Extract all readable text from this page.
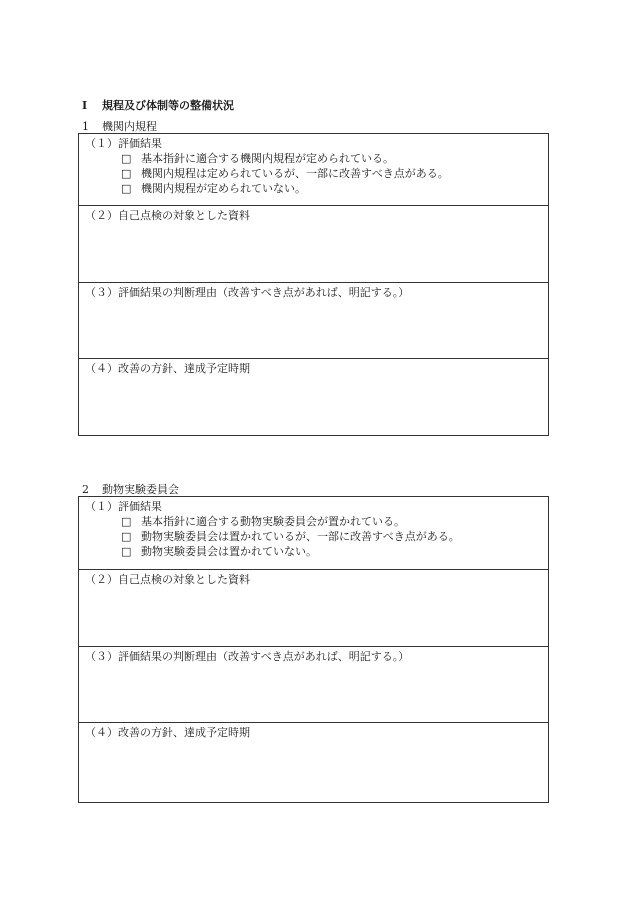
Ⅰ 規程及び体制等の整備状況
1 機関内規程
（１）評価結果
□ 基本指針に適合する機関内規程が定められている。
□ 機関内規程は定められているが、一部に改善すべき点がある。
□ 機関内規程が定められていない。
（２）自己点検の対象とした資料
（３）評価結果の判断理由（改善すべき点があれば、明記する。）
（４）改善の方針、達成予定時期
2 動物実験委員会
（１）評価結果
□ 基本指針に適合する動物実験委員会が置かれている。
□ 動物実験委員会は置かれているが、一部に改善すべき点がある。
□ 動物実験委員会は置かれていない。
（２）自己点検の対象とした資料
（３）評価結果の判断理由（改善すべき点があれば、明記する。）
（４）改善の方針、達成予定時期
